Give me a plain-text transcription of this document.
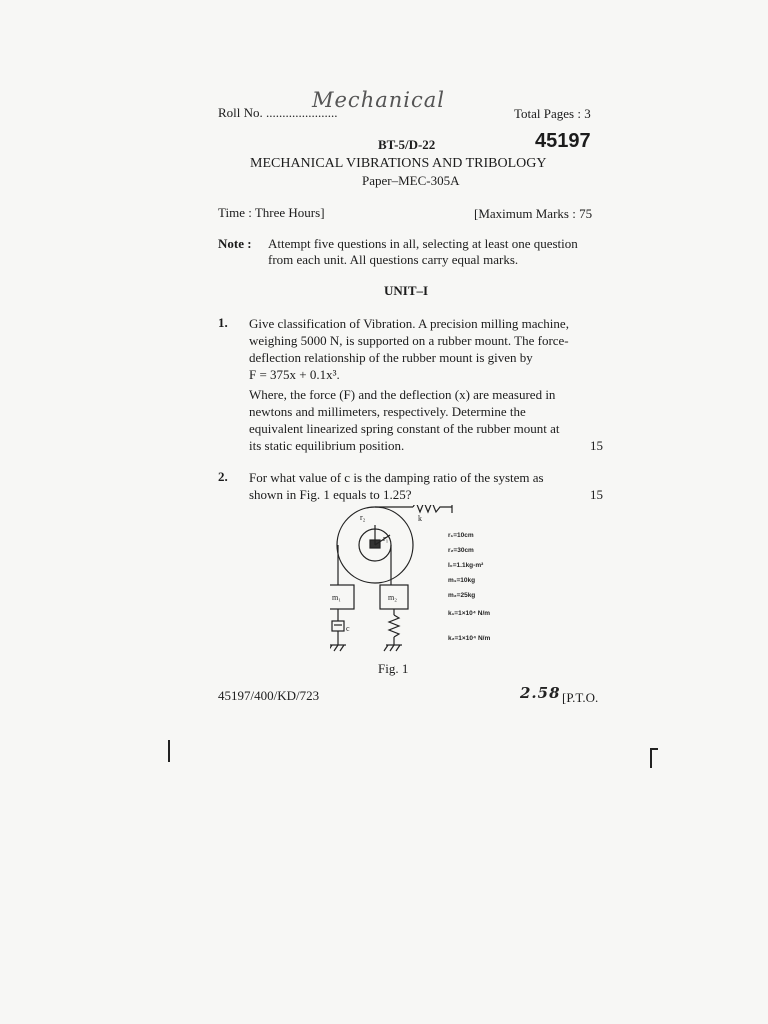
Roll No. ......................
Mechanical
Total Pages : 3
BT-5/D-22	45197
MECHANICAL VIBRATIONS AND TRIBOLOGY
Paper–MEC-305A
Time : Three Hours]	[Maximum Marks : 75
Note : Attempt five questions in all, selecting at least one question
from each unit. All questions carry equal marks.
UNIT–I
1. Give classification of Vibration. A precision milling machine,
weighing 5000 N, is supported on a rubber mount. The force-
deflection relationship of the rubber mount is given by
F = 375x + 0.1x³.
Where, the force (F) and the deflection (x) are measured in
newtons and millimeters, respectively. Determine the
equivalent linearized spring constant of the rubber mount at
its static equilibrium position.	15
2. For what value of c is the damping ratio of the system as
shown in Fig. 1 equals to 1.25?	15
m₁	m₂
r₂
r₁
k
c
r₁=10cm
r₂=30cm
I₀=1.1kg-m²
m₁=10kg
m₂=25kg
k₁=1×10⁴ N/m
k₂=1×10⁴ N/m
Fig. 1
45197/400/KD/723	2.58 [P.T.O.
